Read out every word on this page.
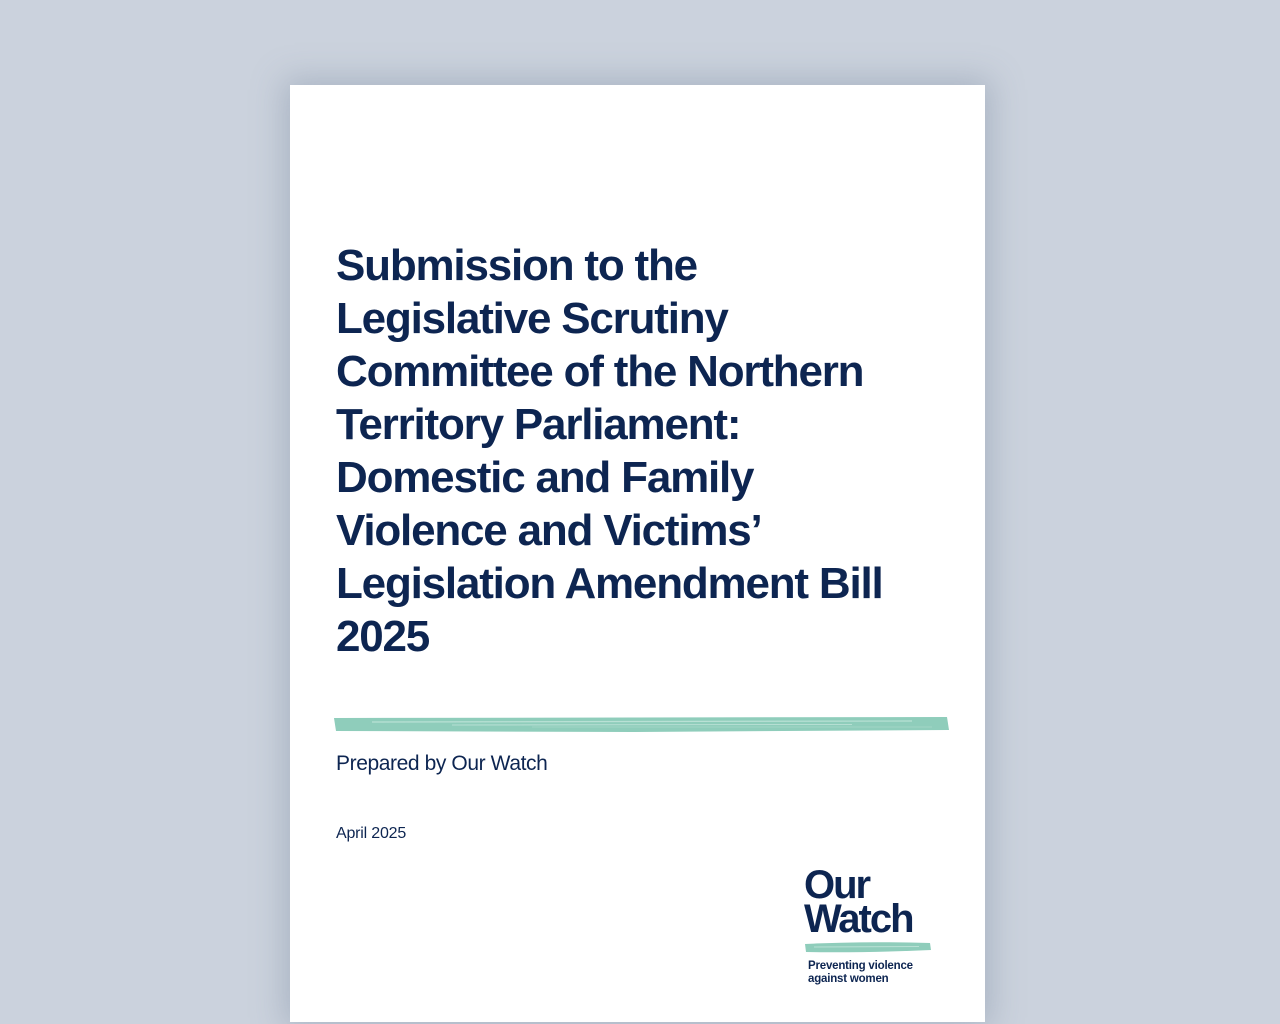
Submission to the
Legislative Scrutiny
Committee of the Northern
Territory Parliament:
Domestic and Family
Violence and Victims’
Legislation Amendment Bill
2025
Prepared by Our Watch
April 2025
Our
Watch
Preventing violence
against women
